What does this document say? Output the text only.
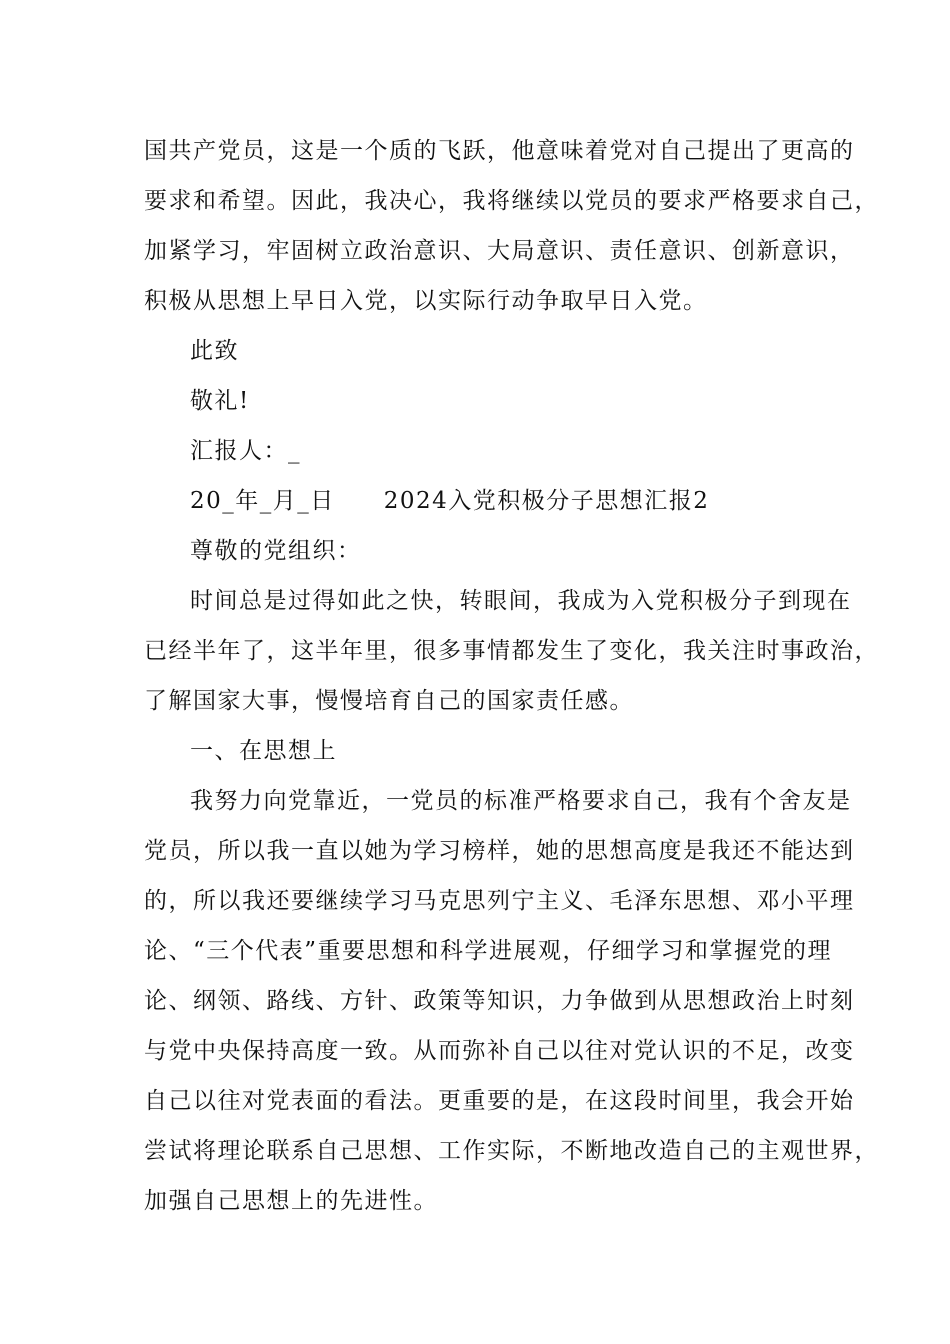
国共产党员，这是一个质的飞跃，他意味着党对自己提出了更高的
要求和希望。因此，我决心，我将继续以党员的要求严格要求自己，
加紧学习，牢固树立政治意识、大局意识、责任意识、创新意识，
积极从思想上早日入党，以实际行动争取早日入党。
此致
敬礼!
汇报人：_
20_年_月_日　　2024入党积极分子思想汇报2
尊敬的党组织：
时间总是过得如此之快，转眼间，我成为入党积极分子到现在
已经半年了，这半年里，很多事情都发生了变化，我关注时事政治，
了解国家大事，慢慢培育自己的国家责任感。
一、在思想上
我努力向党靠近，一党员的标准严格要求自己，我有个舍友是
党员，所以我一直以她为学习榜样，她的思想高度是我还不能达到
的，所以我还要继续学习马克思列宁主义、毛泽东思想、邓小平理
论、“三个代表”重要思想和科学进展观，仔细学习和掌握党的理
论、纲领、路线、方针、政策等知识，力争做到从思想政治上时刻
与党中央保持高度一致。从而弥补自己以往对党认识的不足，改变
自己以往对党表面的看法。更重要的是，在这段时间里，我会开始
尝试将理论联系自己思想、工作实际，不断地改造自己的主观世界，
加强自己思想上的先进性。
